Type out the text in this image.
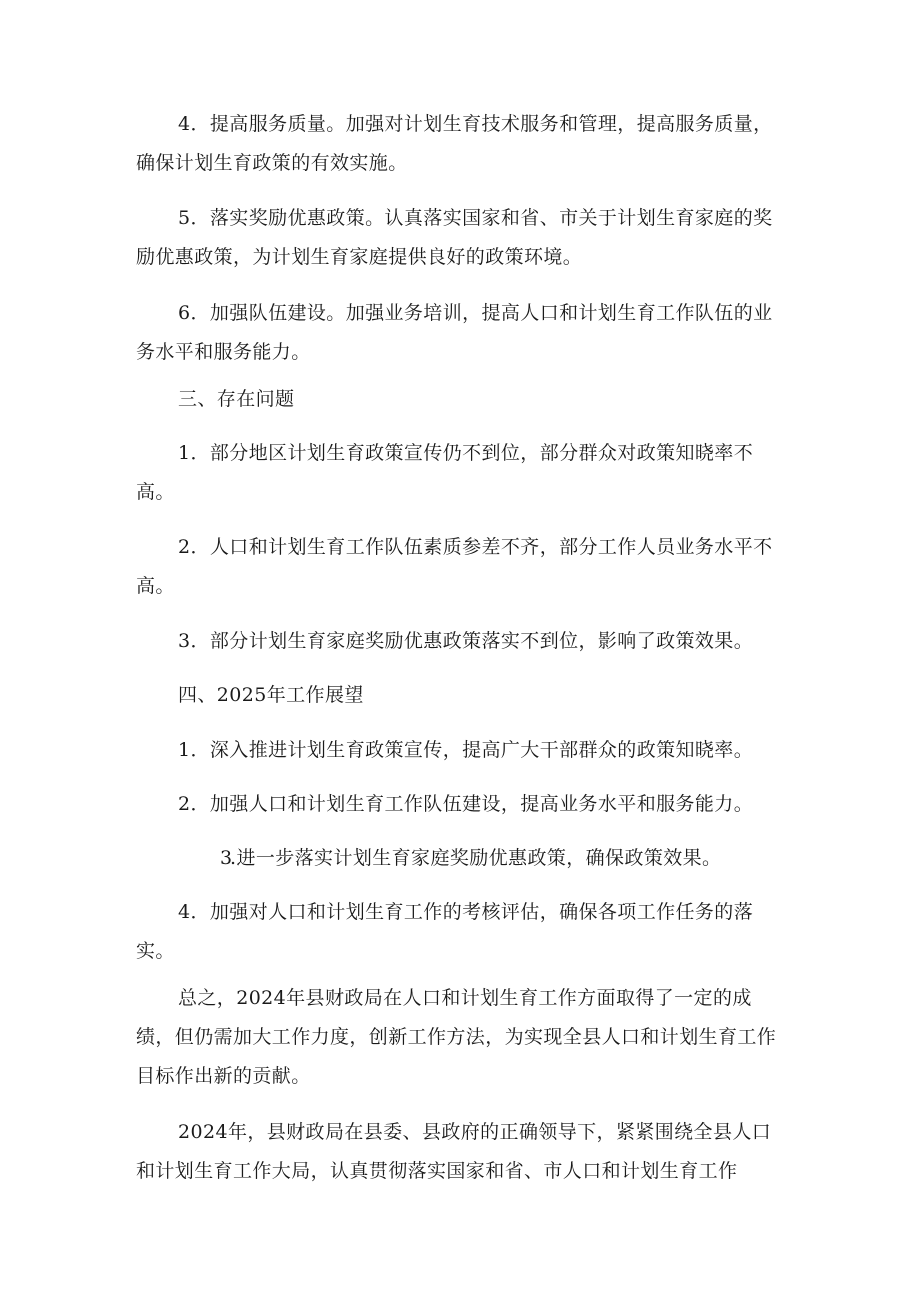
4．提高服务质量。加强对计划生育技术服务和管理，提高服务质量，确保计划生育政策的有效实施。

5．落实奖励优惠政策。认真落实国家和省、市关于计划生育家庭的奖励优惠政策，为计划生育家庭提供良好的政策环境。

6．加强队伍建设。加强业务培训，提高人口和计划生育工作队伍的业务水平和服务能力。

三、存在问题

1．部分地区计划生育政策宣传仍不到位，部分群众对政策知晓率不高。

2．人口和计划生育工作队伍素质参差不齐，部分工作人员业务水平不高。

3．部分计划生育家庭奖励优惠政策落实不到位，影响了政策效果。

四、2025年工作展望

1．深入推进计划生育政策宣传，提高广大干部群众的政策知晓率。

2．加强人口和计划生育工作队伍建设，提高业务水平和服务能力。

3.进一步落实计划生育家庭奖励优惠政策，确保政策效果。

4．加强对人口和计划生育工作的考核评估，确保各项工作任务的落实。

总之，2024年县财政局在人口和计划生育工作方面取得了一定的成绩，但仍需加大工作力度，创新工作方法，为实现全县人口和计划生育工作目标作出新的贡献。

2024年，县财政局在县委、县政府的正确领导下，紧紧围绕全县人口和计划生育工作大局，认真贯彻落实国家和省、市人口和计划生育工作
